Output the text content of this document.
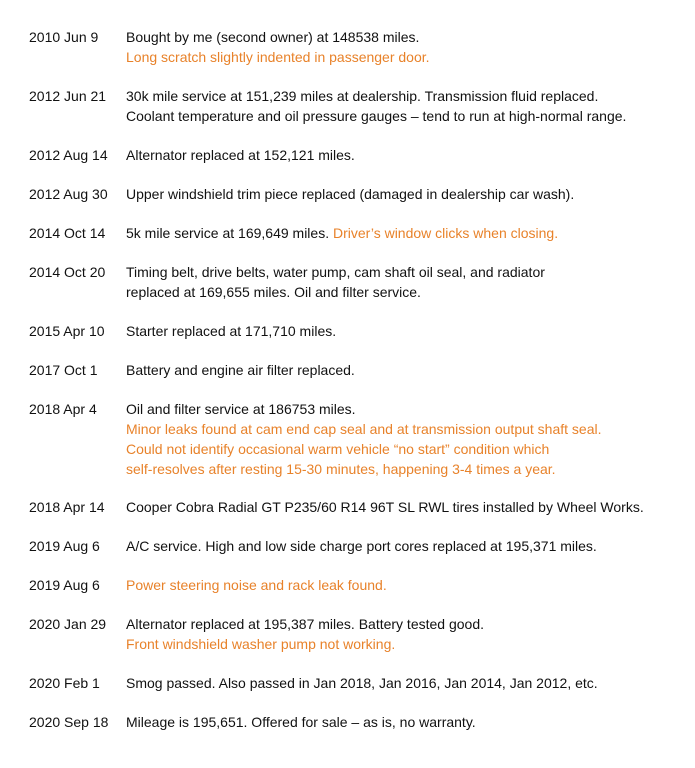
2010 Jun 9 Bought by me (second owner) at 148538 miles.
Long scratch slightly indented in passenger door.
2012 Jun 21 30k mile service at 151,239 miles at dealership. Transmission fluid replaced.
Coolant temperature and oil pressure gauges – tend to run at high-normal range.
2012 Aug 14 Alternator replaced at 152,121 miles.
2012 Aug 30 Upper windshield trim piece replaced (damaged in dealership car wash).
2014 Oct 14 5k mile service at 169,649 miles. Driver’s window clicks when closing.
2014 Oct 20 Timing belt, drive belts, water pump, cam shaft oil seal, and radiator
replaced at 169,655 miles. Oil and filter service.
2015 Apr 10 Starter replaced at 171,710 miles.
2017 Oct 1 Battery and engine air filter replaced.
2018 Apr 4 Oil and filter service at 186753 miles.
Minor leaks found at cam end cap seal and at transmission output shaft seal.
Could not identify occasional warm vehicle “no start” condition which
self-resolves after resting 15-30 minutes, happening 3-4 times a year.
2018 Apr 14 Cooper Cobra Radial GT P235/60 R14 96T SL RWL tires installed by Wheel Works.
2019 Aug 6 A/C service. High and low side charge port cores replaced at 195,371 miles.
2019 Aug 6 Power steering noise and rack leak found.
2020 Jan 29 Alternator replaced at 195,387 miles. Battery tested good.
Front windshield washer pump not working.
2020 Feb 1 Smog passed. Also passed in Jan 2018, Jan 2016, Jan 2014, Jan 2012, etc.
2020 Sep 18 Mileage is 195,651. Offered for sale – as is, no warranty.
